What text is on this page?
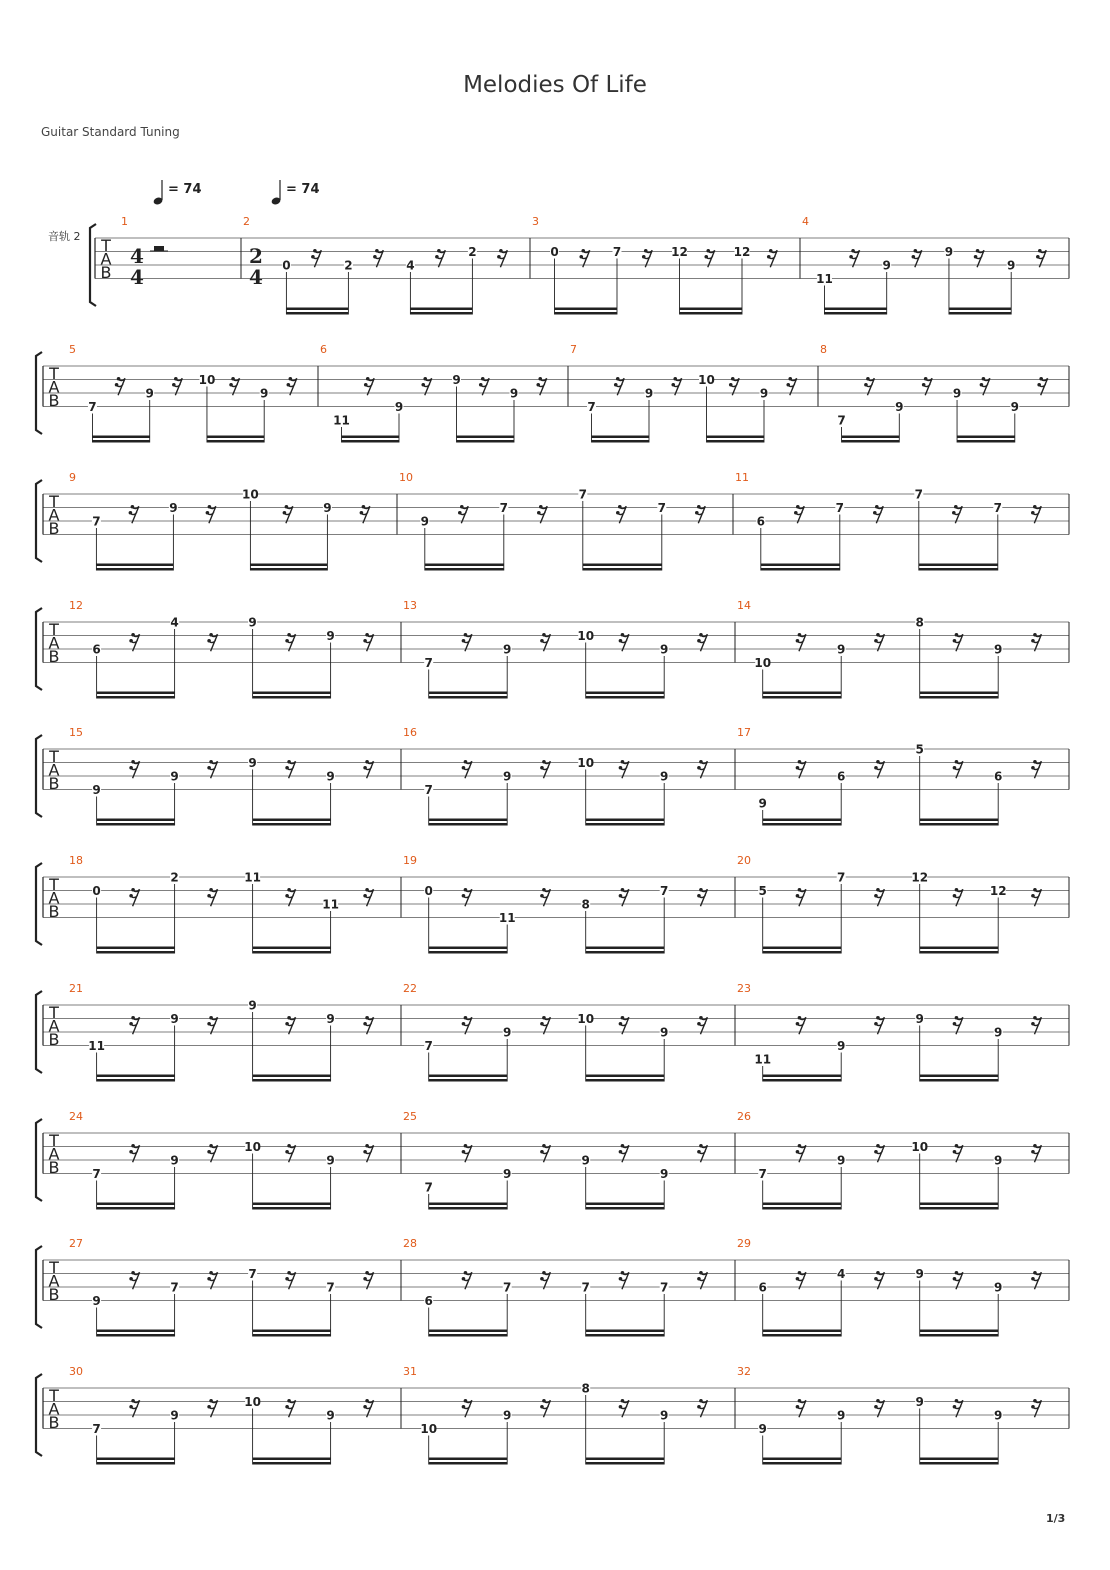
Melodies Of Life
Guitar Standard Tuning
音轨 2 T
A
B
1
4
4
= 74
2
2
4
= 74
0	2	4
2
3
0	7	12	12
4
11
9
9
9
T
A
B
5
7
9
10
9
6
11
9
9
9
7
7
9
10
9
8
7
9
9
9
T
A
B
9
7
9
10
9
10
9
7
7
7
11
6
7
7
7
T
A
B
12
6
4	9
9
13
7
9
10
9
14
10
9
8
9
T
A
B
15
9
9
9
9
16
7
9
10
9
17
9
6
5
6
T
A
B
18
0
2	11
11
19
0
11
8
7
20
5
7	12
12
T
A
B
21
11
9
9
9
22
7
9
10
9
23
11
9
9
9
T
A
B
24
7
9
10
9
25
7
9
9
9
26
7
9
10
9
T
A
B
27
9
7
7
7
28
6
7	7	7
29
6
4	9
9
T
A
B
30
7
9
10
9
31
10
9
8
9
32
9
9
9
9
1/3
